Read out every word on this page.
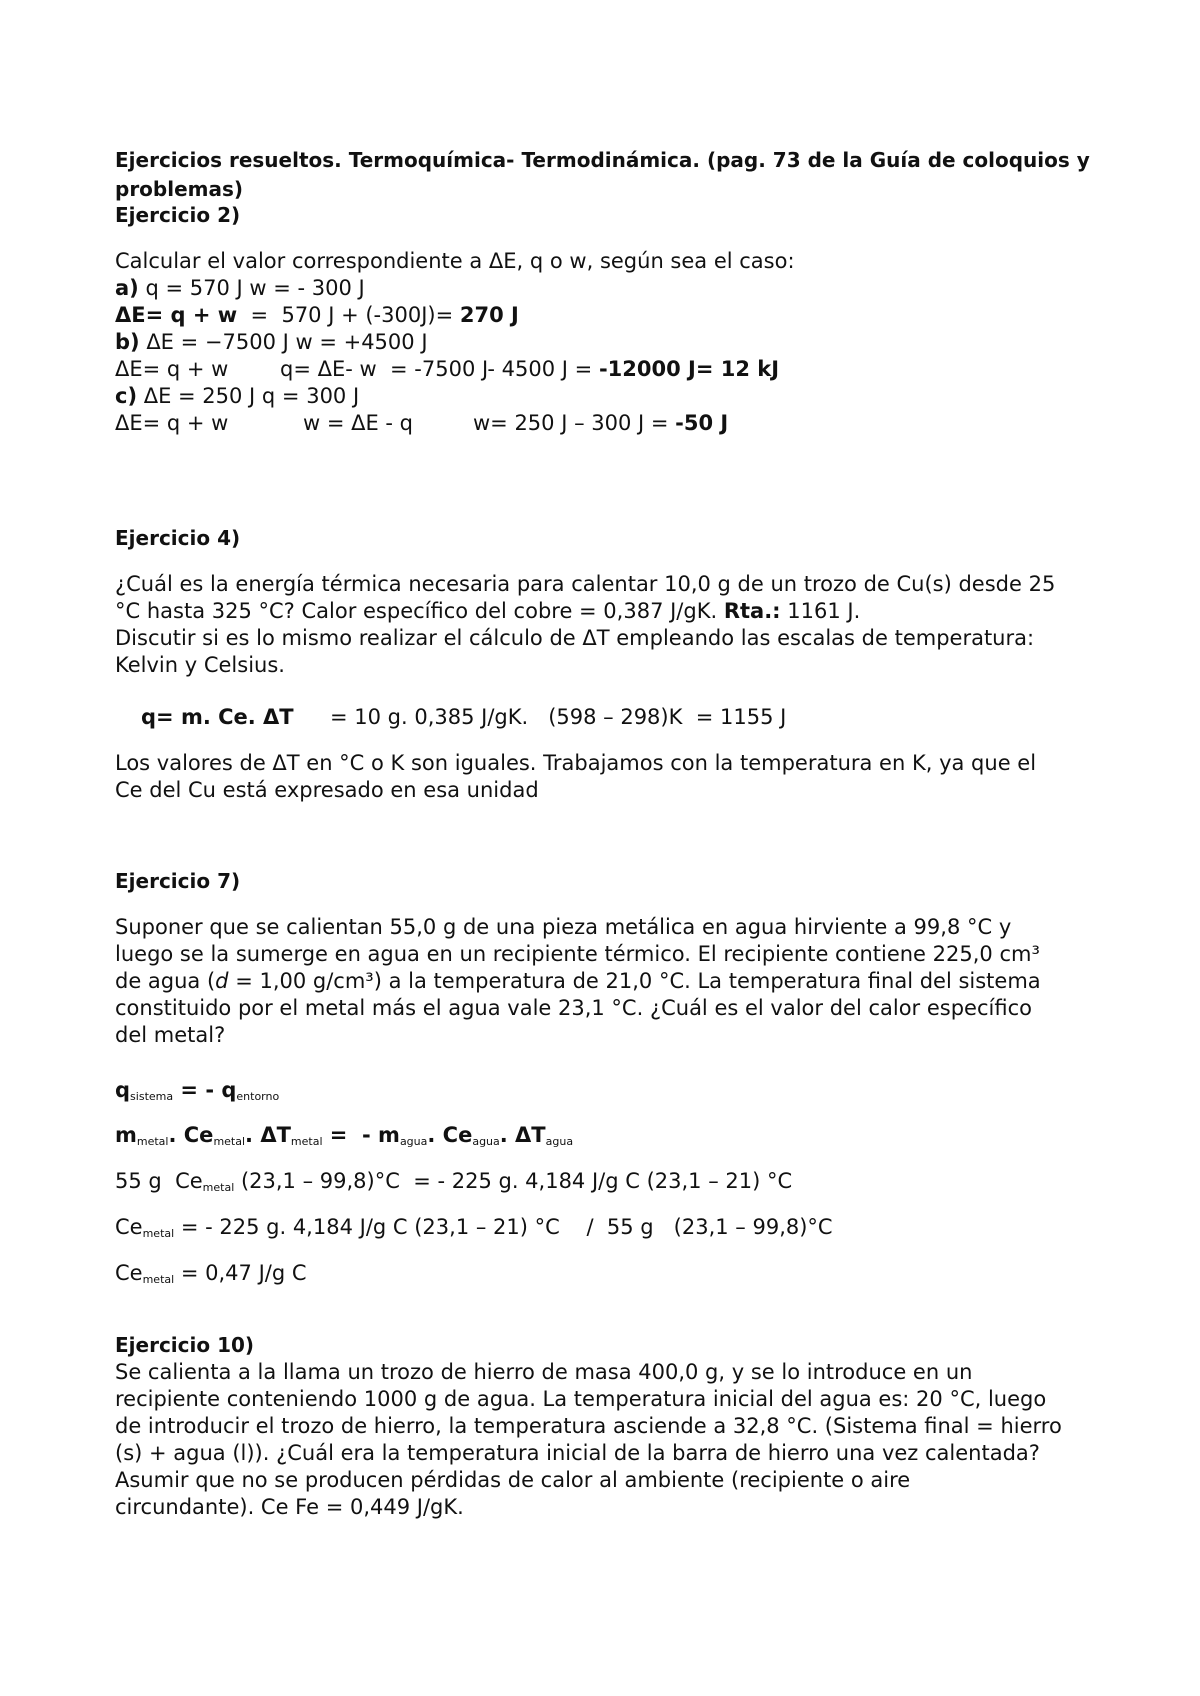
Ejercicios resueltos. Termoquímica- Termodinámica. (pag. 73 de la Guía de coloquios y problemas)
Ejercicio 2)
Calcular el valor correspondiente a ΔE, q o w, según sea el caso:
a) q = 570 J w = - 300 J
ΔE= q + w  =  570 J + (-300J)= 270 J
b) ΔE = −7500 J w = +4500 J
ΔE= q + w q= ΔE- w  = -7500 J- 4500 J = -12000 J= 12 kJ
c) ΔE = 250 J q = 300 J
ΔE= q + w	w = ΔE - q	w= 250 J – 300 J = -50 J
Ejercicio 4)
¿Cuál es la energía térmica necesaria para calentar 10,0 g de un trozo de Cu(s) desde 25
°C hasta 325 °C? Calor específico del cobre = 0,387 J/gK. Rta.: 1161 J.
Discutir si es lo mismo realizar el cálculo de ΔT empleando las escalas de temperatura:
Kelvin y Celsius.
q= m. Ce. ΔT = 10 g. 0,385 J/gK.   (598 – 298)K  = 1155 J
Los valores de ΔT en °C o K son iguales. Trabajamos con la temperatura en K, ya que el
Ce del Cu está expresado en esa unidad
Ejercicio 7)
Suponer que se calientan 55,0 g de una pieza metálica en agua hirviente a 99,8 °C y
luego se la sumerge en agua en un recipiente térmico. El recipiente contiene 225,0 cm³
de agua (d = 1,00 g/cm³) a la temperatura de 21,0 °C. La temperatura final del sistema
constituido por el metal más el agua vale 23,1 °C. ¿Cuál es el valor del calor específico
del metal?
$q_{sistema}$ = - $q_{entorno}$
$m_{metal}$. $Ce_{metal}$. $\Delta T_{metal}$ =  - $m_{agua}$. $Ce_{agua}$. $\Delta T_{agua}$
55 g  $Ce_{metal}$ (23,1 – 99,8)°C  = - 225 g. 4,184 J/g C (23,1 – 21) °C
$Ce_{metal}$ = - 225 g. 4,184 J/g C (23,1 – 21) °C    /  55 g   (23,1 – 99,8)°C
$Ce_{metal} = 0,47$ J/g C
Ejercicio 10)
Se calienta a la llama un trozo de hierro de masa 400,0 g, y se lo introduce en un
recipiente conteniendo 1000 g de agua. La temperatura inicial del agua es: 20 °C, luego
de introducir el trozo de hierro, la temperatura asciende a 32,8 °C. (Sistema final = hierro
(s) + agua (l)). ¿Cuál era la temperatura inicial de la barra de hierro una vez calentada?
Asumir que no se producen pérdidas de calor al ambiente (recipiente o aire
circundante). Ce Fe = 0,449 J/gK.
